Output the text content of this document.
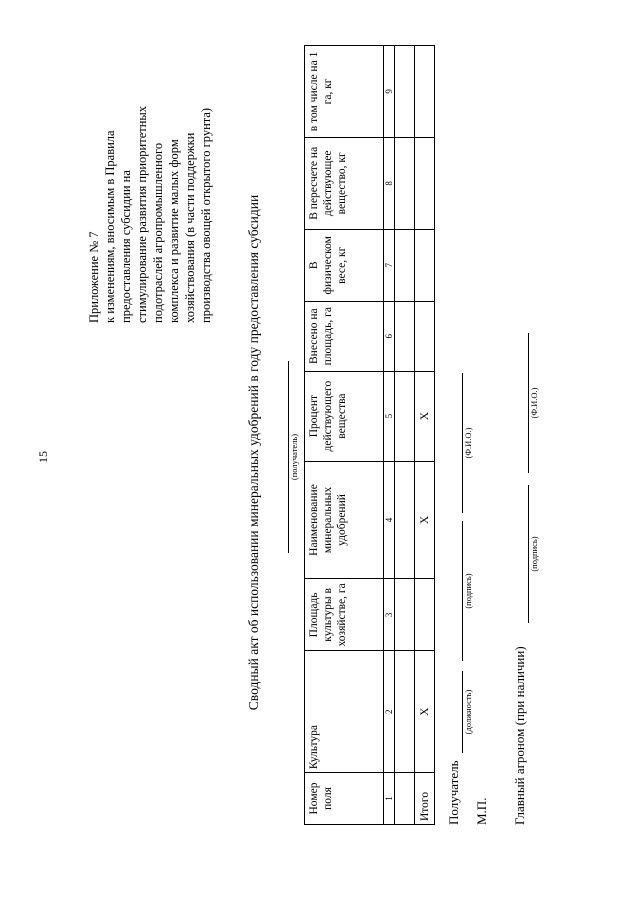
15
Приложение № 7 к изменениям, вносимым в Правила предоставления субсидии на стимулирование развития приоритетных подотраслей агропромышленного комплекса и развитие малых форм хозяйствования (в части поддержки производства овощей открытого грунта) Сводный акт об использовании минеральных удобрений в году предоставления субсидии	(получатель)
Номер поля	Культура	Площадь культуры в хозяйстве, га	Наименование минеральных удобрений	Процент действующего вещества	Внесено на площадь, га	В физическом весе, кг	В пересчете на действующее вещество, кг	в том числе на 1 га, кг
1	2	3	4	5	6	7	8	9

Итого	X		X	X				
Получатель
(должность)
(подпись)
(Ф.И.О.)
М.П. Главный агроном (при наличии)
(подпись)
(Ф.И.О.)
